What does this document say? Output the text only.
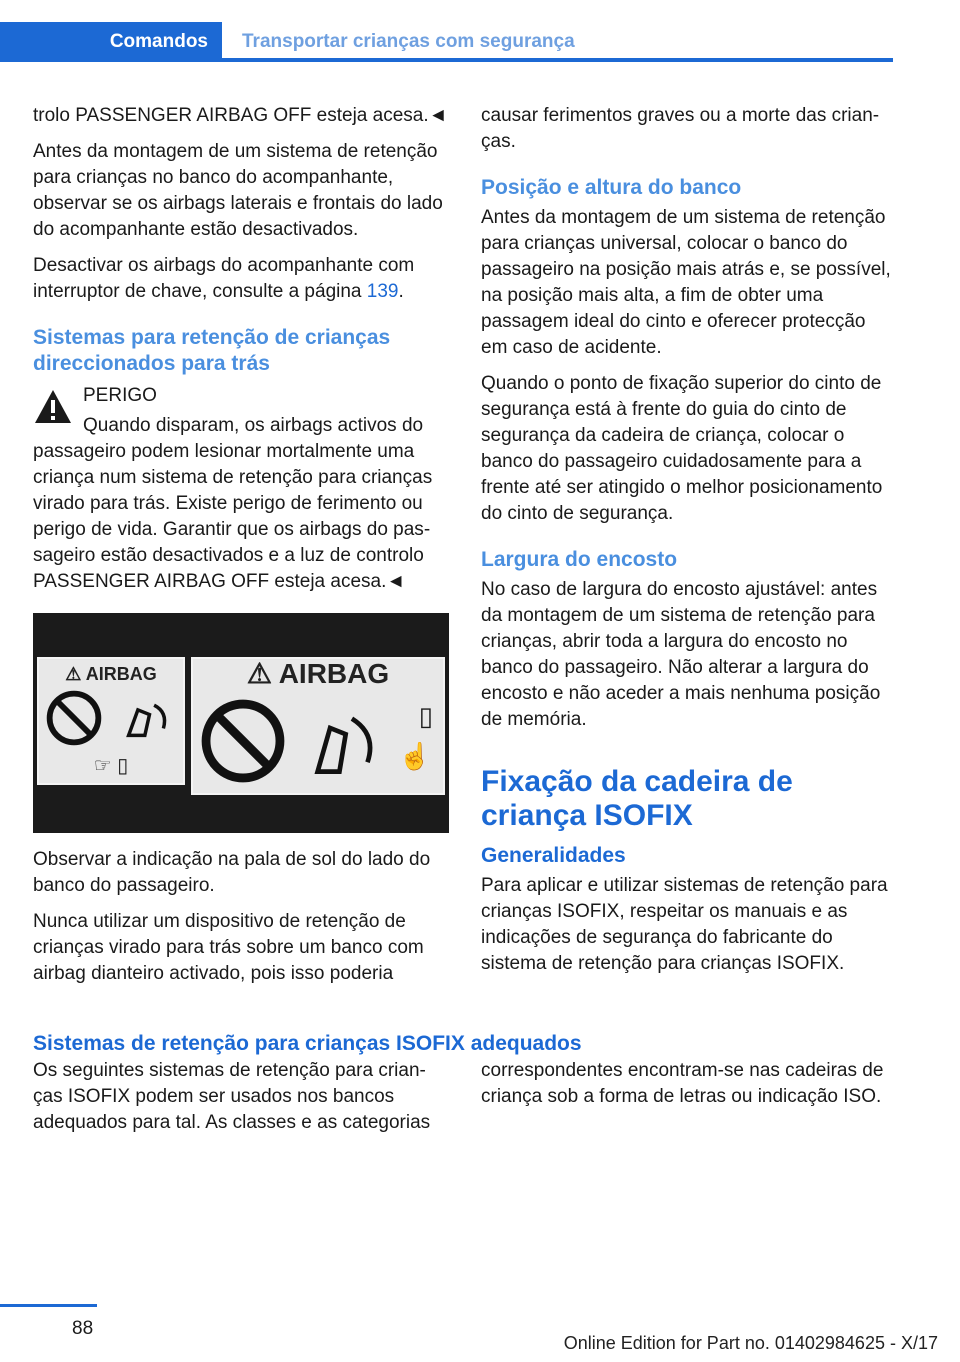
Comandos	Transportar crianças com segurança

trolo PASSENGER AIRBAG OFF esteja acesa.◄

Antes da montagem de um sistema de retenção para crianças no banco do acompanhante, observar se os airbags laterais e frontais do lado do acompanhante estão desactivados.

Desactivar os airbags do acompanhante com interruptor de chave, consulte a página 139.

Sistemas para retenção de crianças direccionados para trás

PERIGO

Quando disparam, os airbags activos do passageiro podem lesionar mortalmente uma criança num sistema de retenção para crianças virado para trás. Existe perigo de ferimento ou perigo de vida. Garantir que os airbags do passageiro estão desactivados e a luz de controlo PASSENGER AIRBAG OFF esteja acesa.◄

⚠ AIRBAG
☞ ▯
⚠ AIRBAG
▯
☝

Observar a indicação na pala de sol do lado do banco do passageiro.

Nunca utilizar um dispositivo de retenção de crianças virado para trás sobre um banco com airbag dianteiro activado, pois isso poderia

causar ferimentos graves ou a morte das crianças.

Posição e altura do banco

Antes da montagem de um sistema de retenção para crianças universal, colocar o banco do passageiro na posição mais atrás e, se possível, na posição mais alta, a fim de obter uma passagem ideal do cinto e oferecer protecção em caso de acidente.

Quando o ponto de fixação superior do cinto de segurança está à frente do guia do cinto de segurança da cadeira de criança, colocar o banco do passageiro cuidadosamente para a frente até ser atingido o melhor posicionamento do cinto de segurança.

Largura do encosto

No caso de largura do encosto ajustável: antes da montagem de um sistema de retenção para crianças, abrir toda a largura do encosto no banco do passageiro. Não alterar a largura do encosto e não aceder a mais nenhuma posição de memória.

Fixação da cadeira de criança ISOFIX
Generalidades

Para aplicar e utilizar sistemas de retenção para crianças ISOFIX, respeitar os manuais e as indicações de segurança do fabricante do sistema de retenção para crianças ISOFIX.

Sistemas de retenção para crianças ISOFIX adequados
Os seguintes sistemas de retenção para crianças ISOFIX podem ser usados nos bancos adequados para tal. As classes e as categorias
correspondentes encontram-se nas cadeiras de criança sob a forma de letras ou indicação ISO.
88
Online Edition for Part no. 01402984625 - X/17
